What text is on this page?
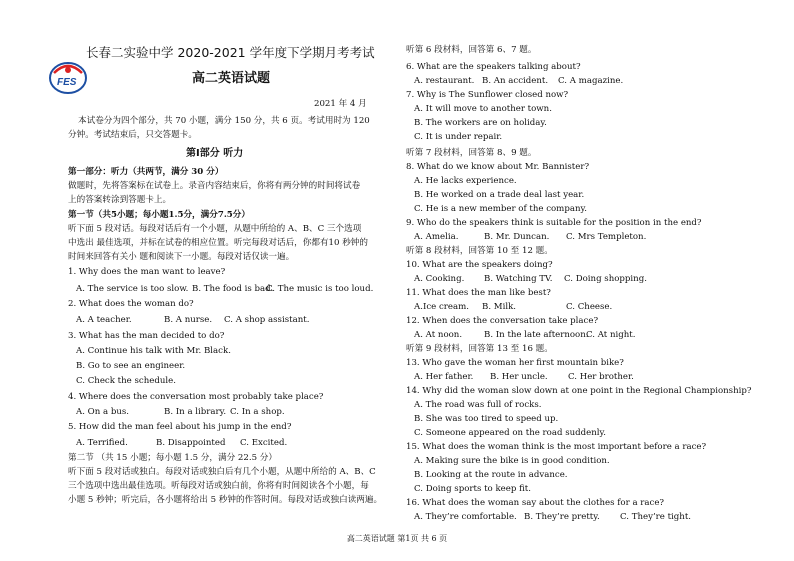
FES
长春二实验中学 2020-2021 学年度下学期月考考试
高二英语试题
2021 年 4 月
本试卷分为四个部分，共 70 小题，满分 150 分，共 6 页。考试用时为 120
分钟。考试结束后，只交答题卡。
第Ⅰ部分 听力
第一部分：听力（共两节，满分 30 分）
做题时，先将答案标在试卷上。录音内容结束后，你将有两分钟的时间将试卷
上的答案转涂到答题卡上。
第一节（共5小题；每小题1.5分，满分7.5分）
听下面 5 段对话。每段对话后有一个小题，从题中所给的 A、B、C 三个选项
中选出 最佳选项，并标在试卷的相应位置。听完每段对话后，你都有10 秒钟的
时间来回答有关小 题和阅读下一小题。每段对话仅读一遍。
1. Why does the man want to leave?
A. The service is too slow. B. The food is bad.
C. The music is too loud.
2. What does the woman do?
A. A teacher.	B. A nurse. C. A shop assistant.
3. What has the man decided to do?
A. Continue his talk with Mr. Black.
B. Go to see an engineer.
C. Check the schedule.
4. Where does the conversation most probably take place?
A. On a bus.	B. In a library. C. In a shop.
5. How did the man feel about his jump in the end?
A. Terrified.	B. Disappointed C. Excited.
第二节 （共 15 小题；每小题 1.5 分，满分 22.5 分）
听下面 5 段对话或独白。每段对话或独白后有几个小题，从题中所给的 A、B、C
三个选项中选出最佳选项。听每段对话或独白前，你将有时间阅读各个小题，每
小题 5 秒钟；听完后，各小题将给出 5 秒钟的作答时间。每段对话或独白读两遍。
听第 6 段材料，回答第 6、7 题。
6. What are the speakers talking about?
A. restaurant. B. An accident. C. A magazine.
7. Why is The Sunflower closed now?
A. It will move to another town.
B. The workers are on holiday.
C. It is under repair.
听第 7 段材料，回答第 8、9 题。
8. What do we know about Mr. Bannister?
A. He lacks experience.
B. He worked on a trade deal last year.
C. He is a new member of the company.
9. Who do the speakers think is suitable for the position in the end?
A. Amelia.	B. Mr. Duncan. C. Mrs Templeton.
听第 8 段材料，回答第 10 至 12 题。
10. What are the speakers doing?
A. Cooking. B. Watching TV. C. Doing shopping.
11. What does the man like best?
A.Ice cream. B. Milk.	C. Cheese.
12. When does the conversation take place?
A. At noon.	B. In the late afternoon.
C. At night.
听第 9 段材料，回答第 13 至 16 题。
13. Who gave the woman her first mountain bike?
A. Her father. B. Her uncle. C. Her brother.
14. Why did the woman slow down at one point in the Regional Championship?
A. The road was full of rocks.
B. She was too tired to speed up.
C. Someone appeared on the road suddenly.
15. What does the woman think is the most important before a race?
A. Making sure the bike is in good condition.
B. Looking at the route in advance.
C. Doing sports to keep fit.
16. What does the woman say about the clothes for a race?
A. They’re comfortable. B. They’re pretty. C. They’re tight.
高二英语试题 第1页 共 6 页
